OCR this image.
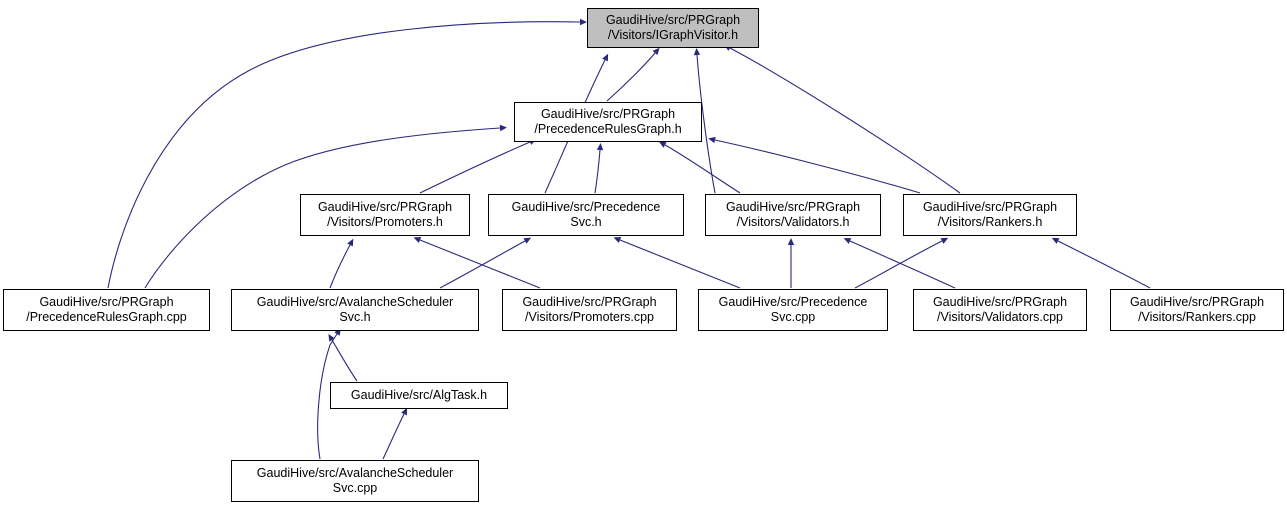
GaudiHive/src/PRGraph
/Visitors/IGraphVisitor.h
GaudiHive/src/PRGraph
/PrecedenceRulesGraph.h
GaudiHive/src/PRGraph
/Visitors/Promoters.h
GaudiHive/src/Precedence
Svc.h
GaudiHive/src/PRGraph
/Visitors/Validators.h
GaudiHive/src/PRGraph
/Visitors/Rankers.h
GaudiHive/src/PRGraph
/PrecedenceRulesGraph.cpp
GaudiHive/src/AvalancheScheduler
Svc.h
GaudiHive/src/PRGraph
/Visitors/Promoters.cpp
GaudiHive/src/Precedence
Svc.cpp
GaudiHive/src/PRGraph
/Visitors/Validators.cpp
GaudiHive/src/PRGraph
/Visitors/Rankers.cpp
GaudiHive/src/AlgTask.h
GaudiHive/src/AvalancheScheduler
Svc.cpp
